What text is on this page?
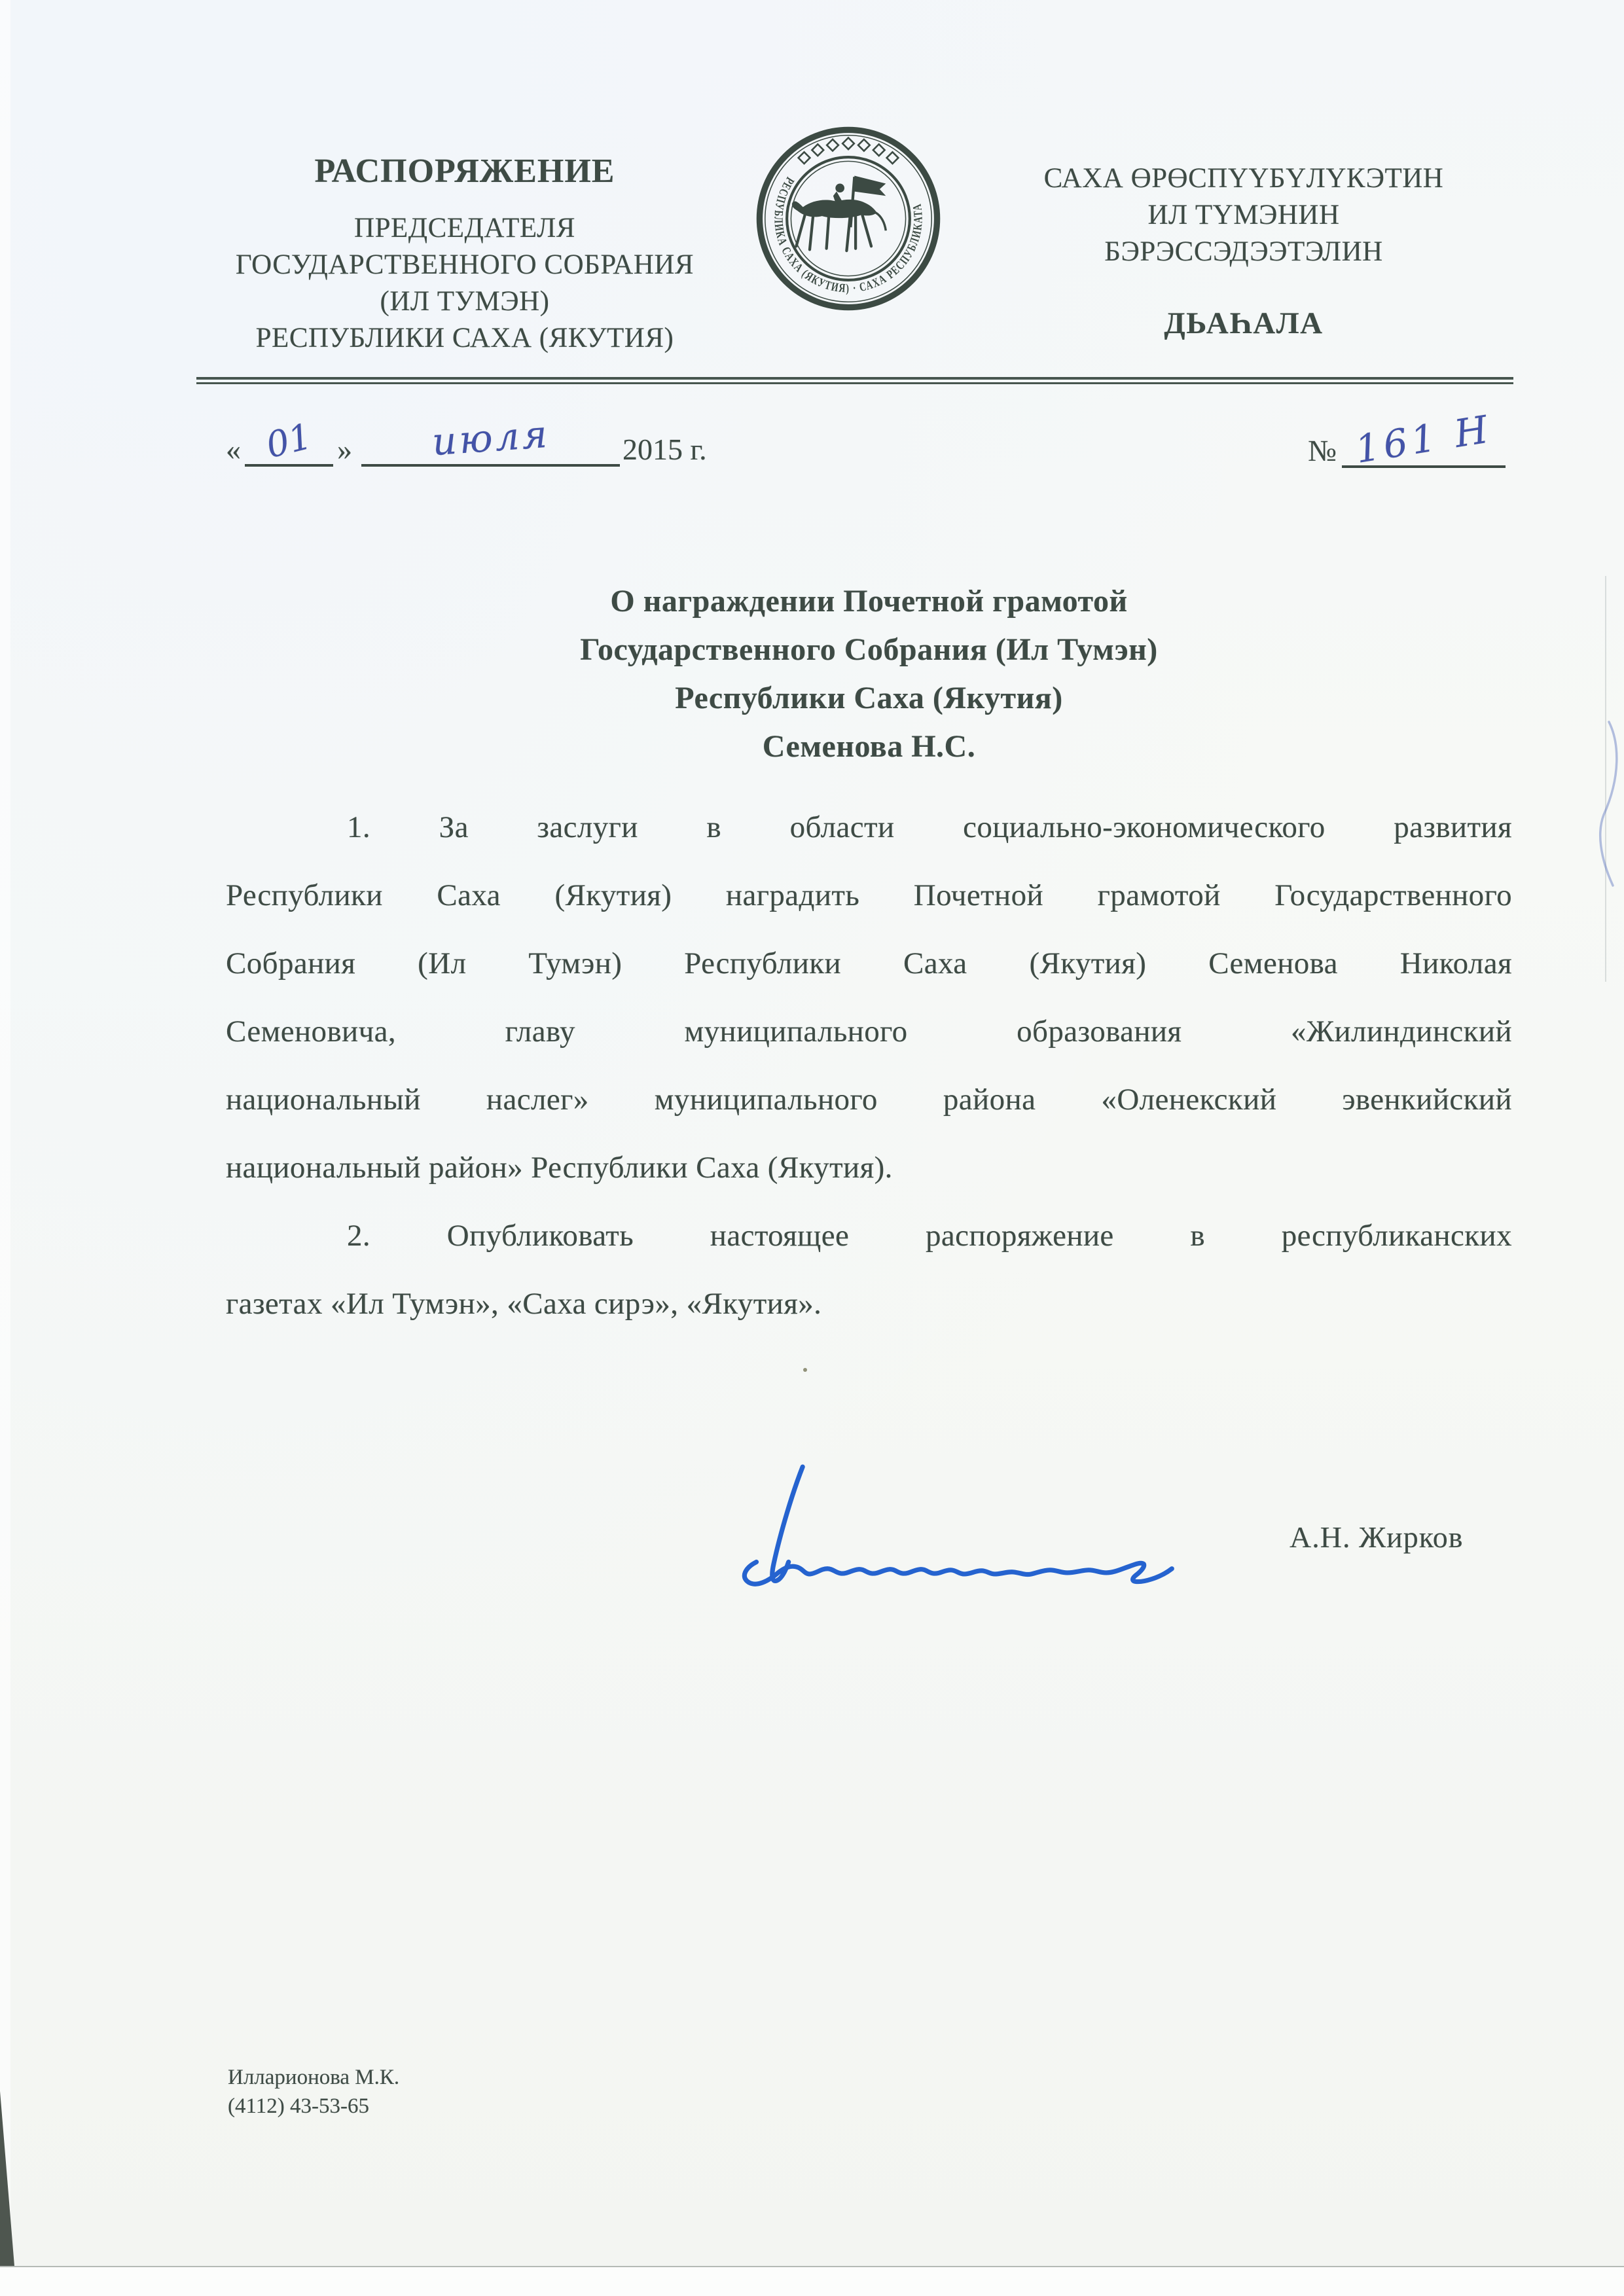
РАСПОРЯЖЕНИЕ
ПРЕДСЕДАТЕЛЯ
ГОСУДАРСТВЕННОГО СОБРАНИЯ
(ИЛ ТУМЭН)
РЕСПУБЛИКИ САХА (ЯКУТИЯ)
РЕСПУБЛИКА САХА (ЯКУТИЯ) · САХА РЕСПУБЛИКАТА
САХА ӨРӨСПҮҮБҮЛҮКЭТИН
ИЛ ТҮМЭНИН
БЭРЭССЭДЭЭТЭЛИН
ДЬАҺАЛА
« 01 » июля 2015 г.	№ 161 Н
О награждении Почетной грамотой
Государственного Собрания (Ил Тумэн)
Республики Саха (Якутия)
Семенова Н.С.
1. За заслуги в области социально-экономического развития
Республики Саха (Якутия) наградить Почетной грамотой Государственного
Собрания (Ил Тумэн) Республики Саха (Якутия) Семенова Николая
Семеновича, главу муниципального образования «Жилиндинский
национальный наслег» муниципального района «Оленекский эвенкийский
национальный район» Республики Саха (Якутия).
2. Опубликовать настоящее распоряжение в республиканских
газетах «Ил Тумэн», «Саха сирэ», «Якутия».
А.Н. Жирков
Илларионова М.К.
(4112) 43-53-65
